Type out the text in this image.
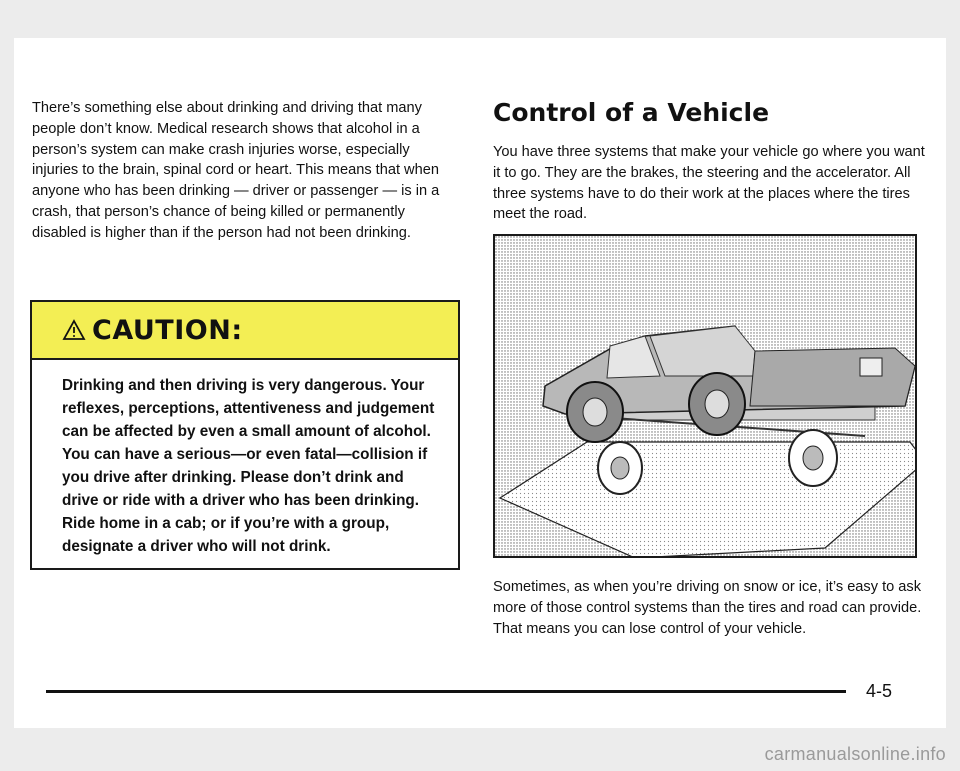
There’s something else about drinking and driving that many people don’t know. Medical research shows that alcohol in a person’s system can make crash injuries worse, especially injuries to the brain, spinal cord or heart. This means that when anyone who has been drinking — driver or passenger — is in a crash, that person’s chance of being killed or permanently disabled is higher than if the person had not been drinking.

CAUTION:

Drinking and then driving is very dangerous. Your reflexes, perceptions, attentiveness and judgement can be affected by even a small amount of alcohol. You can have a serious—or even fatal—collision if you drive after drinking. Please don’t drink and drive or ride with a driver who has been drinking. Ride home in a cab; or if you’re with a group, designate a driver who will not drink.

Control of a Vehicle

You have three systems that make your vehicle go where you want it to go. They are the brakes, the steering and the accelerator. All three systems have to do their work at the places where the tires meet the road.

Sometimes, as when you’re driving on snow or ice, it’s easy to ask more of those control systems than the tires and road can provide. That means you can lose control of your vehicle.

4-5
carmanualsonline.info
